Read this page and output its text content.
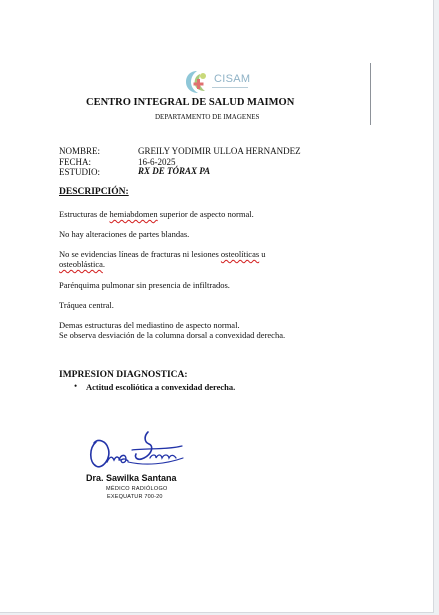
CISAM
CENTRO INTEGRAL DE SALUD MAIMON
DEPARTAMENTO DE IMAGENES
NOMBRE:	GREILY YODIMIR ULLOA HERNANDEZ
FECHA:	16-6-2025
ESTUDIO:	RX DE TÓRAX PA
DESCRIPCIÓN:
Estructuras de hemiabdomen superior de aspecto normal.
No hay alteraciones de partes blandas.
No se evidencias líneas de fracturas ni lesiones osteolíticas u
osteoblástica.
Parénquima pulmonar sin presencia de infiltrados.
Tráquea central.
Demas estructuras del mediastino de aspecto normal.
Se observa desviación de la columna dorsal a convexidad derecha.
IMPRESION DIAGNOSTICA:
• Actitud escoliótica a convexidad derecha.
Dra. Sawilka Santana
MÉDICO RADIÓLOGO
EXEQUATUR 700-20
